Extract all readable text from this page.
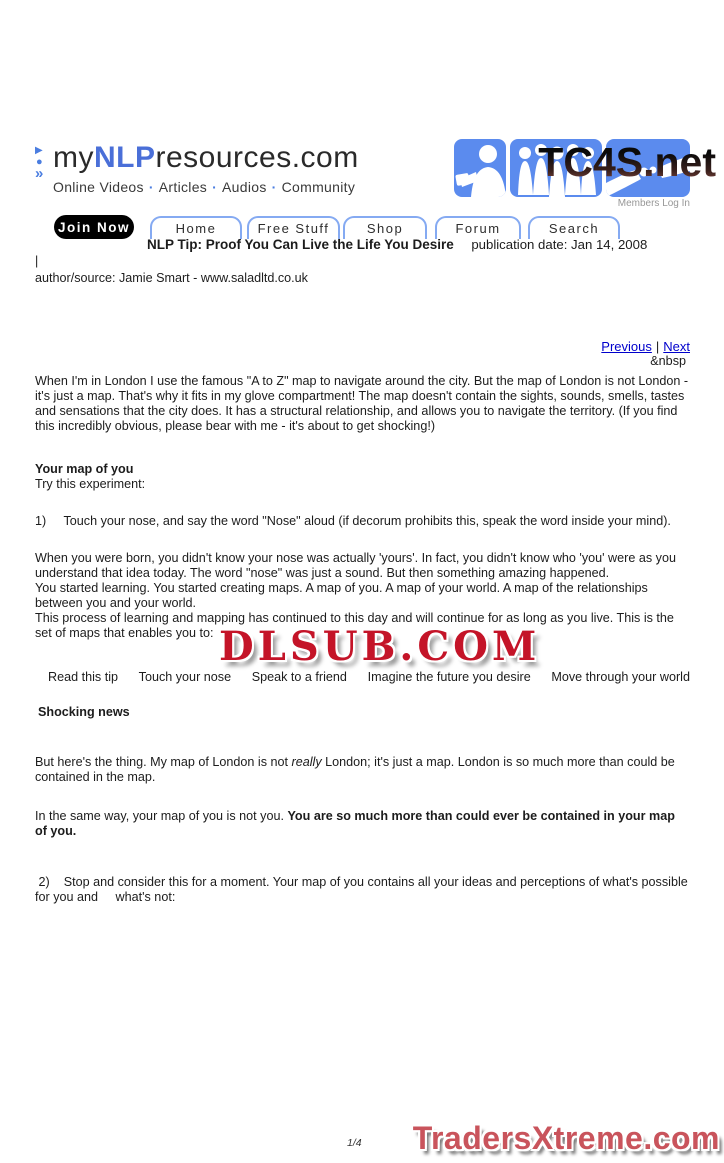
TC4S.net
▶
●
» myNLPresources.com
Online Videos · Articles · Audios · Community
Members Log In
Join Now	Home	Free Stuff	Shop	Forum	Search
NLP Tip: Proof You Can Live the Life You Desire publication date: Jan 14, 2008
|
author/source: Jamie Smart - www.saladltd.co.uk
Previous | Next
&nbsp

When I'm in London I use the famous "A to Z" map to navigate around the city. But the map of London is not London - it's just a map. That's why it fits in my glove compartment! The map doesn't contain the sights, sounds, smells, tastes and sensations that the city does. It has a structural relationship, and allows you to navigate the territory. (If you find this incredibly obvious, please bear with me - it's about to get shocking!)

Your map of you
Try this experiment:

1)     Touch your nose, and say the word "Nose" aloud (if decorum prohibits this, speak the word inside your mind).

When you were born, you didn't know your nose was actually 'yours'. In fact, you didn't know who 'you' were as you understand that idea today. The word "nose" was just a sound. But then something amazing happened.
You started learning. You started creating maps. A map of you. A map of your world. A map of the relationships between you and your world.
This process of learning and mapping has continued to this day and will continue for as long as you live. This is the set of maps that enables you to:
Read this tip Touch your nose Speak to a friend Imagine the future you desire Move through your world
Shocking news

But here's the thing. My map of London is not really London; it's just a map. London is so much more than could be contained in the map.

In the same way, your map of you is not you. You are so much more than could ever be contained in your map of you.

2)    Stop and consider this for a moment. Your map of you contains all your ideas and perceptions of what's possible for you and     what's not:

DLSUB.COM
1/4 TradersXtreme.com
